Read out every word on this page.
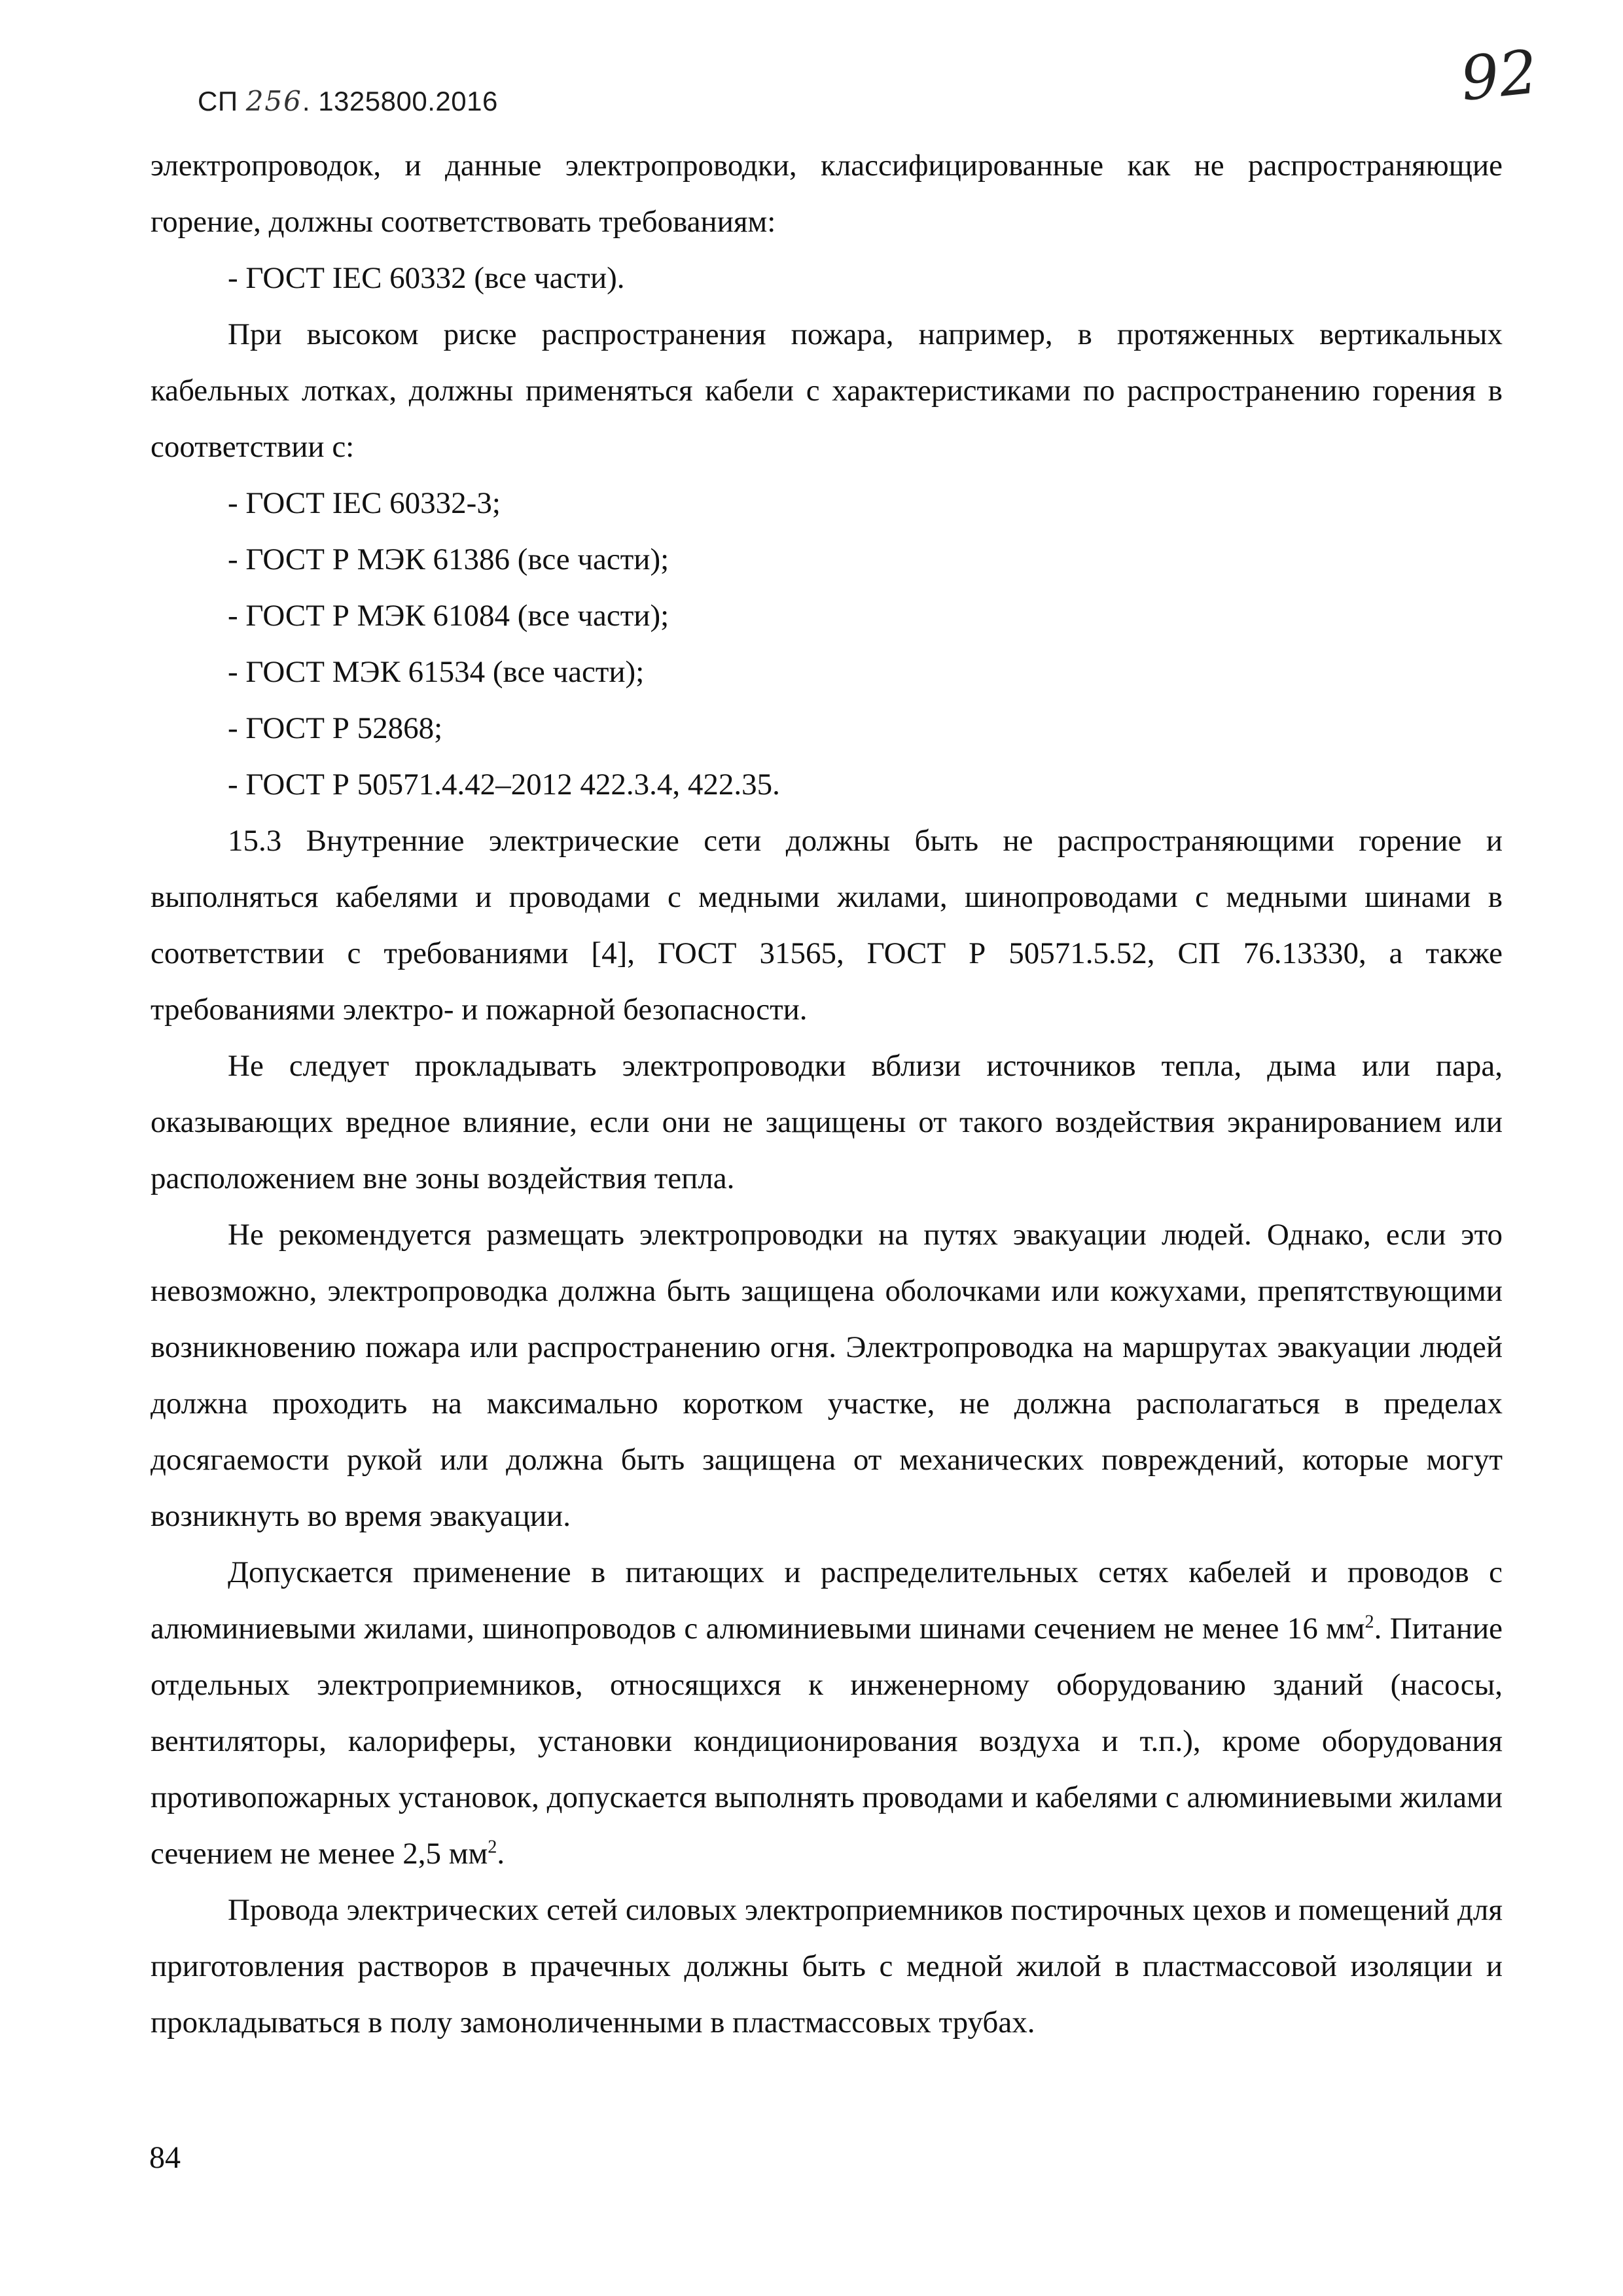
СП 256. 1325800.2016	92

электропроводок, и данные электропроводки, классифицированные как не распространяющие горение, должны соответствовать требованиям:

- ГОСТ IEC 60332 (все части).

При высоком риске распространения пожара, например, в протяженных вертикальных кабельных лотках, должны применяться кабели с характеристиками по распространению горения в соответствии с:

- ГОСТ IEC 60332-3;
- ГОСТ Р МЭК 61386 (все части);
- ГОСТ Р МЭК 61084 (все части);
- ГОСТ МЭК 61534 (все части);
- ГОСТ Р 52868;
- ГОСТ Р 50571.4.42–2012 422.3.4, 422.35.

15.3 Внутренние электрические сети должны быть не распространяющими горение и выполняться кабелями и проводами с медными жилами, шинопроводами с медными шинами в соответствии с требованиями [4], ГОСТ 31565, ГОСТ Р 50571.5.52, СП 76.13330, а также требованиями электро- и пожарной безопасности.

Не следует прокладывать электропроводки вблизи источников тепла, дыма или пара, оказывающих вредное влияние, если они не защищены от такого воздействия экранированием или расположением вне зоны воздействия тепла.

Не рекомендуется размещать электропроводки на путях эвакуации людей. Однако, если это невозможно, электропроводка должна быть защищена оболочками или кожухами, препятствующими возникновению пожара или распространению огня. Электропроводка на маршрутах эвакуации людей должна проходить на максимально коротком участке, не должна располагаться в пределах досягаемости рукой или должна быть защищена от механических повреждений, которые могут возникнуть во время эвакуации.

Допускается применение в питающих и распределительных сетях кабелей и проводов с алюминиевыми жилами, шинопроводов с алюминиевыми шинами сечением не менее 16 $мм^2$. Питание отдельных электроприемников, относящихся к инженерному оборудованию зданий (насосы, вентиляторы, калориферы, установки кондиционирования воздуха и т.п.), кроме оборудования противопожарных установок, допускается выполнять проводами и кабелями с алюминиевыми жилами сечением не менее 2,5 $мм^2$.

Провода электрических сетей силовых электроприемников постирочных цехов и помещений для приготовления растворов в прачечных должны быть с медной жилой в пластмассовой изоляции и прокладываться в полу замоноличенными в пластмассовых трубах.

84
